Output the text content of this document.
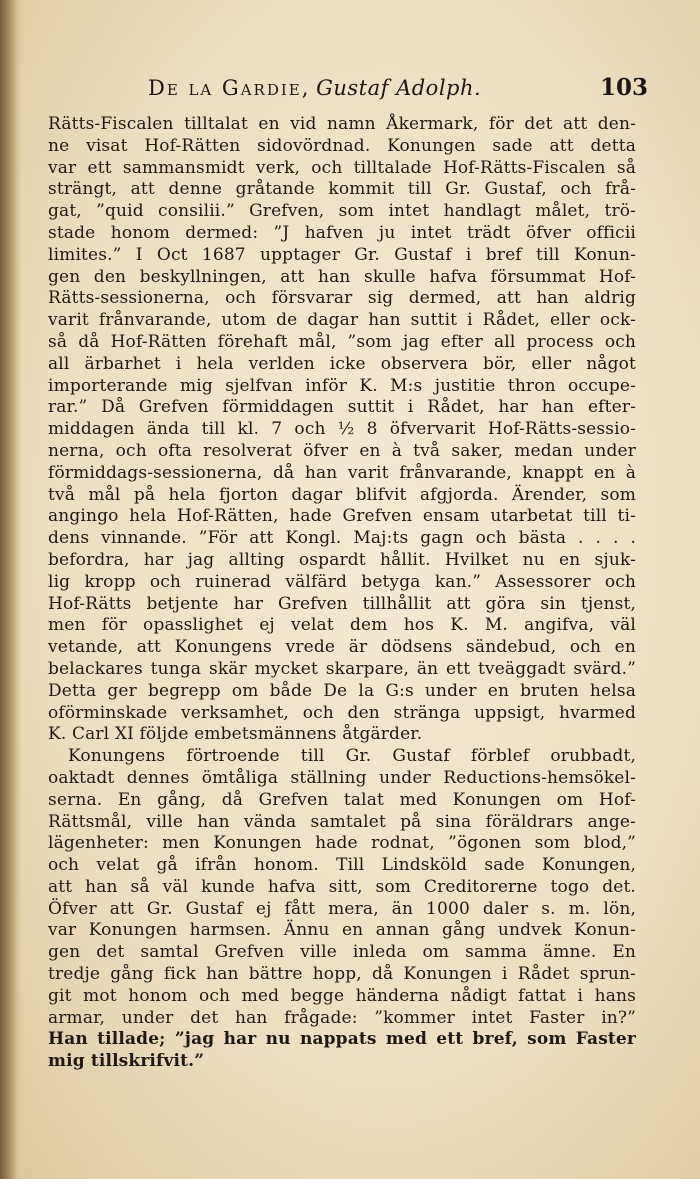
De la Gardie, Gustaf Adolph.	103
Rätts-Fiscalen tilltalat en vid namn Åkermark, för det att den-
ne visat Hof-Rätten sidovördnad. Konungen sade att detta
var ett sammansmidt verk, och tilltalade Hof-Rätts-Fiscalen så
strängt, att denne gråtande kommit till Gr. Gustaf, och frå-
gat, ”quid consilii.” Grefven, som intet handlagt målet, trö-
stade honom dermed: ”J hafven ju intet trädt öfver officii
limites.” I Oct 1687 upptager Gr. Gustaf i bref till Konun-
gen den beskyllningen, att han skulle hafva försummat Hof-
Rätts-sessionerna, och försvarar sig dermed, att han aldrig
varit frånvarande, utom de dagar han suttit i Rådet, eller ock-
så då Hof-Rätten förehaft mål, ”som jag efter all process och
all ärbarhet i hela verlden icke observera bör, eller något
importerande mig sjelfvan inför K. M:s justitie thron occupe-
rar.” Då Grefven förmiddagen suttit i Rådet, har han efter-
middagen ända till kl. 7 och ½ 8 öfvervarit Hof-Rätts-sessio-
nerna, och ofta resolverat öfver en à två saker, medan under
förmiddags-sessionerna, då han varit frånvarande, knappt en à
två mål på hela fjorton dagar blifvit afgjorda. Ärender, som
angingo hela Hof-Rätten, hade Grefven ensam utarbetat till ti-
dens vinnande. ”För att Kongl. Maj:ts gagn och bästa . . . .
befordra, har jag allting ospardt hållit. Hvilket nu en sjuk-
lig kropp och ruinerad välfärd betyga kan.” Assessorer och
Hof-Rätts betjente har Grefven tillhållit att göra sin tjenst,
men för opasslighet ej velat dem hos K. M. angifva, väl
vetande, att Konungens vrede är dödsens sändebud, och en
belackares tunga skär mycket skarpare, än ett tveäggadt svärd.”
Detta ger begrepp om både De la G:s under en bruten helsa
oförminskade verksamhet, och den stränga uppsigt, hvarmed
K. Carl XI följde embetsmännens åtgärder.
Konungens förtroende till Gr. Gustaf förblef orubbadt,
oaktadt dennes ömtåliga ställning under Reductions-hemsökel-
serna. En gång, då Grefven talat med Konungen om Hof-
Rättsmål, ville han vända samtalet på sina föräldrars ange-
lägenheter: men Konungen hade rodnat, ”ögonen som blod,”
och velat gå ifrån honom. Till Lindsköld sade Konungen,
att han så väl kunde hafva sitt, som Creditorerne togo det.
Öfver att Gr. Gustaf ej fått mera, än 1000 daler s. m. lön,
var Konungen harmsen. Ännu en annan gång undvek Konun-
gen det samtal Grefven ville inleda om samma ämne. En
tredje gång fick han bättre hopp, då Konungen i Rådet sprun-
git mot honom och med begge händerna nådigt fattat i hans
armar, under det han frågade: ”kommer intet Faster in?”
Han tillade; ”jag har nu nappats med ett bref, som Faster
mig tillskrifvit.”
